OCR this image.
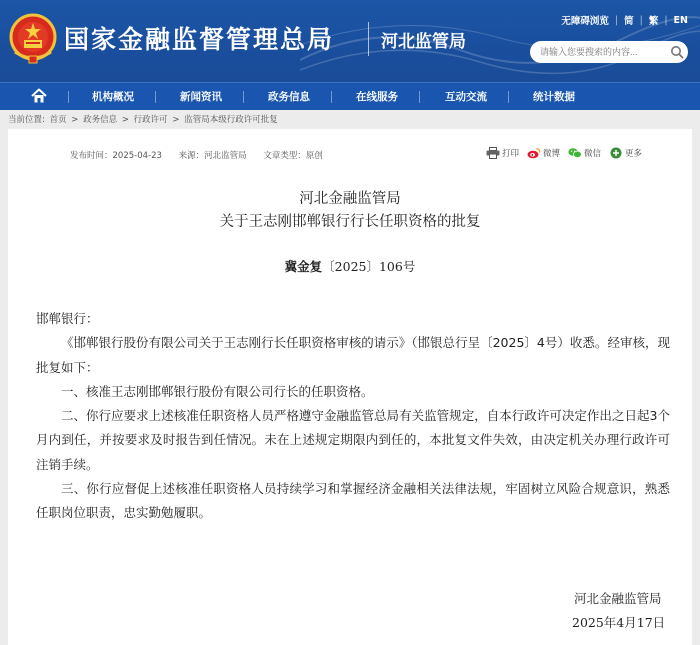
国家金融监督管理总局	河北监管局
无障碍浏览 | 简 | 繁 | EN
请输入您要搜索的内容...
机构概况	新闻资讯	政务信息	在线服务	互动交流	统计数据
当前位置: 首页 > 政务信息 > 行政许可 > 监管局本级行政许可批复
发布时间：2025-04-23 来源：河北监管局 文章类型：原创	打印	微博	微信	更多
河北金融监管局
关于王志刚邯郸银行行长任职资格的批复
冀金复〔2025〕106号

邯郸银行：

《邯郸银行股份有限公司关于王志刚行长任职资格审核的请示》（邯银总行呈〔2025〕4号）收悉。经审核，现批复如下：

一、核准王志刚邯郸银行股份有限公司行长的任职资格。

二、你行应要求上述核准任职资格人员严格遵守金融监管总局有关监管规定，自本行政许可决定作出之日起3个月内到任，并按要求及时报告到任情况。未在上述规定期限内到任的，本批复文件失效，由决定机关办理行政许可注销手续。

三、你行应督促上述核准任职资格人员持续学习和掌握经济金融相关法律法规，牢固树立风险合规意识，熟悉任职岗位职责，忠实勤勉履职。

河北金融监管局
2025年4月17日
